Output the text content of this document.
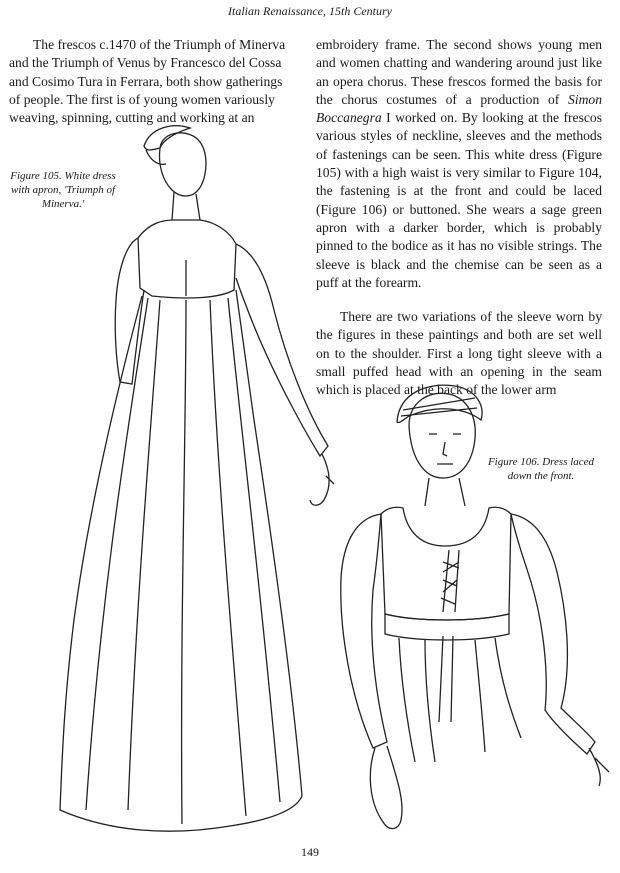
Italian Renaissance, 15th Century

The frescos c.1470 of the Triumph of Minerva

and the Triumph of Venus by Francesco del Cossa

and Cosimo Tura in Ferrara, both show gatherings

of people. The first is of young women variously

weaving, spinning, cutting and working at an

embroidery frame. The second shows young men and women chatting and wandering around just like an opera chorus. These frescos formed the basis for the chorus costumes of a production of Simon Boccanegra I worked on. By looking at the frescos various styles of neckline, sleeves and the methods of fastenings can be seen. This white dress (Figure 105) with a high waist is very similar to Figure 104, the fastening is at the front and could be laced (Figure 106) or buttoned. She wears a sage green apron with a darker border, which is probably pinned to the bodice as it has no visible strings. The sleeve is black and the chemise can be seen as a puff at the forearm.

There are two variations of the sleeve worn by the figures in these paintings and both are set well on to the shoulder. First a long tight sleeve with a small puffed head with an opening in the seam which is placed at the back of the lower arm

Figure 105. White dress with apron, 'Triumph of Minerva.'
Figure 106. Dress laced down the front.
149
